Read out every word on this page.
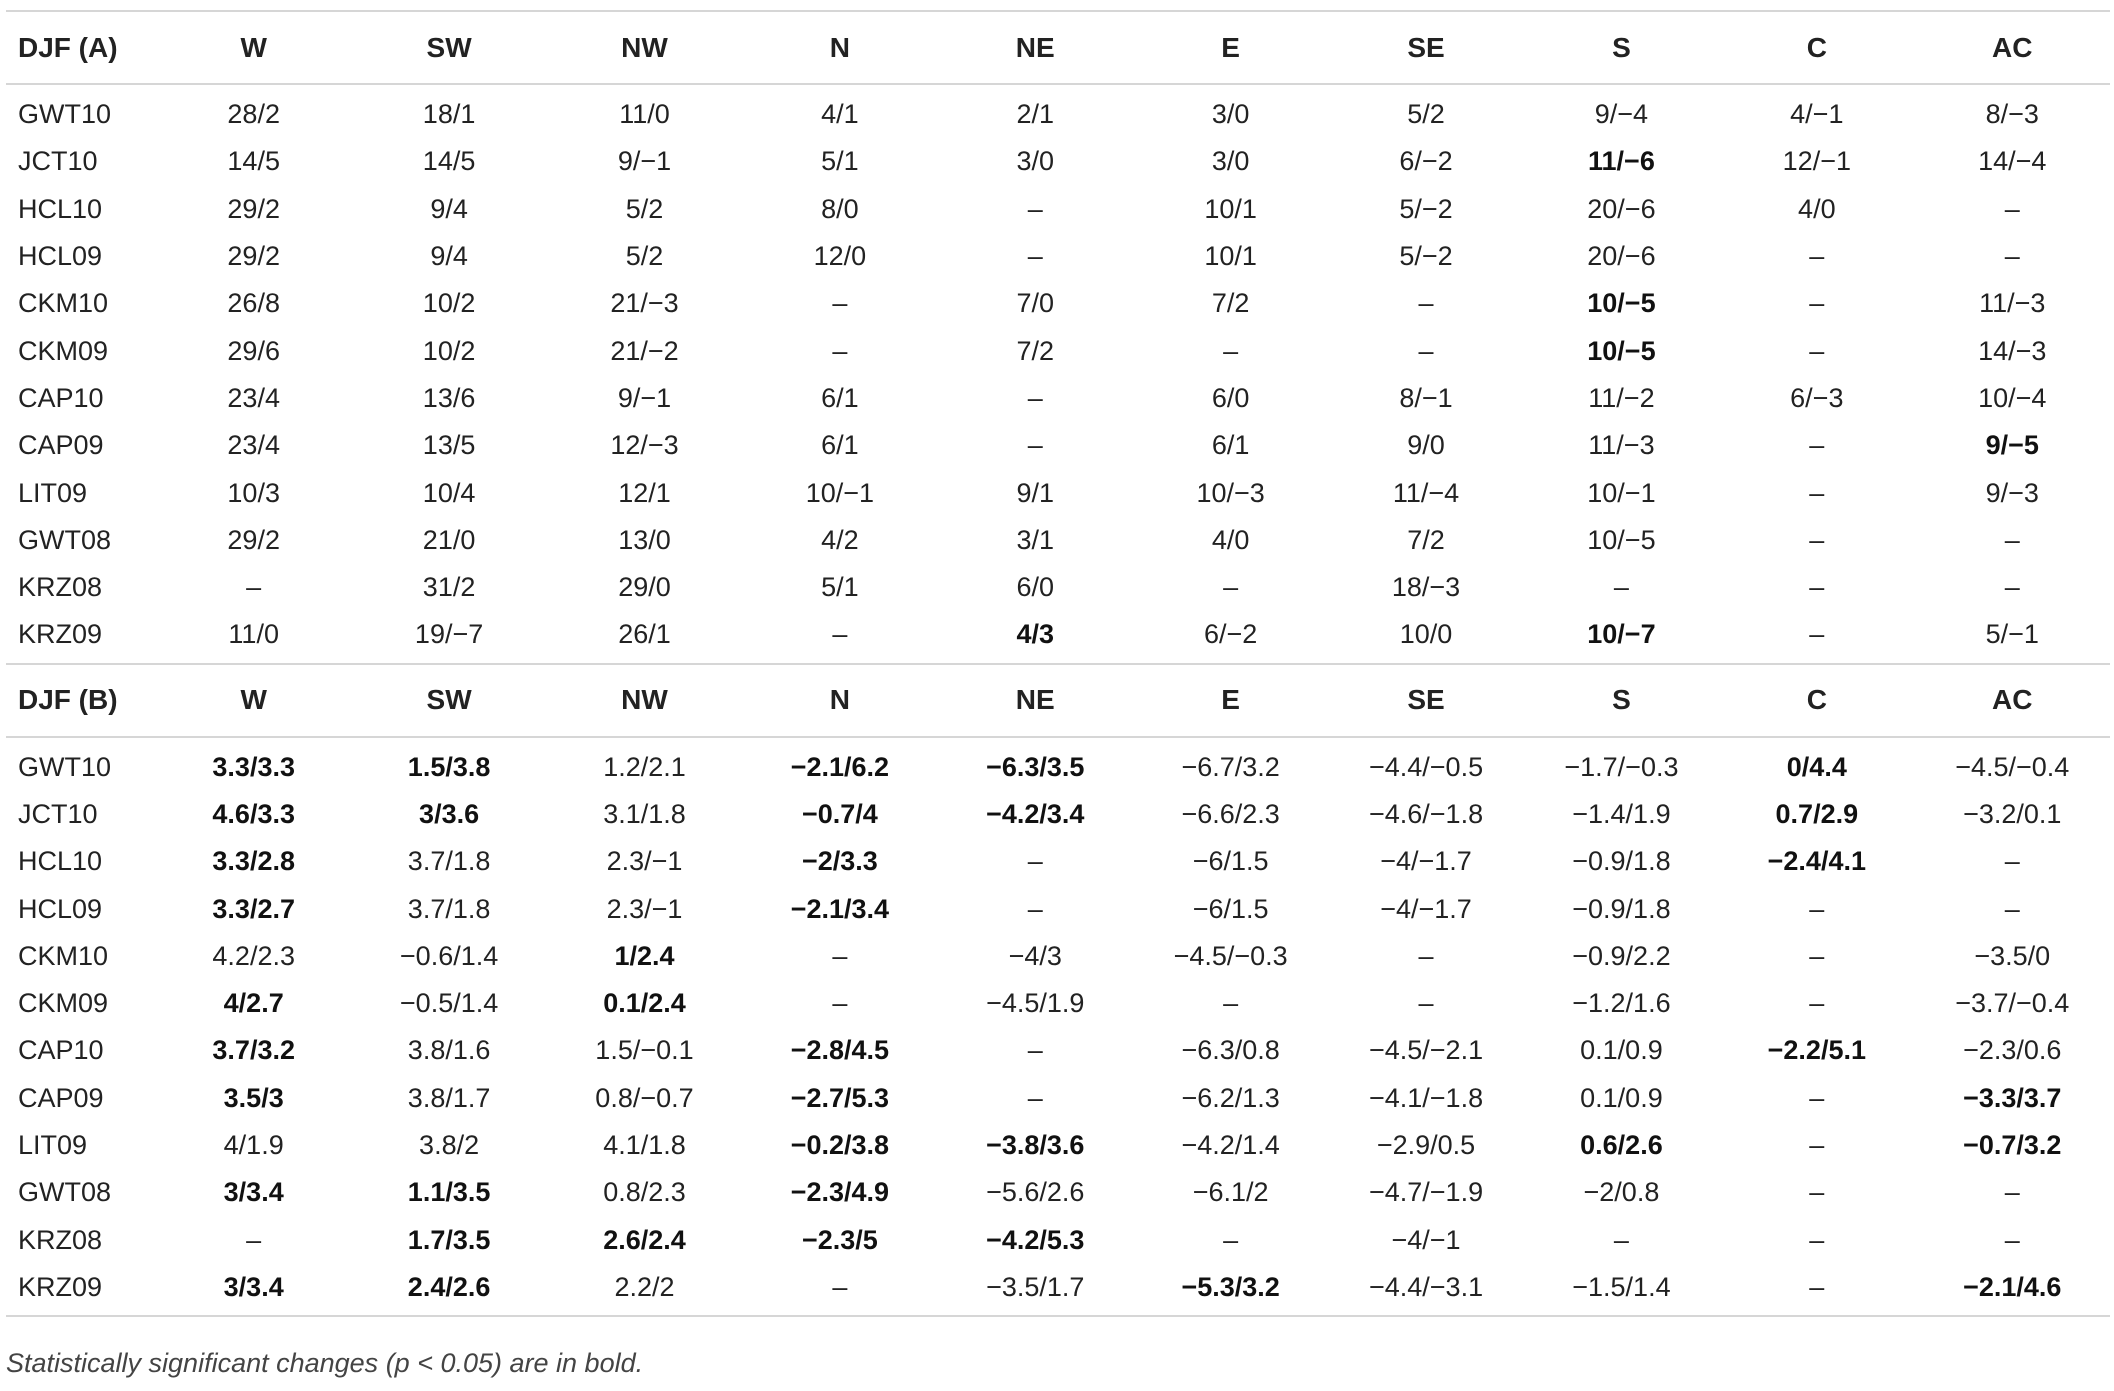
DJF (A)	W	SW	NW	N	NE	E	SE	S	C	AC
GWT10	28/2	18/1	11/0	4/1	2/1	3/0	5/2	9/−4	4/−1	8/−3
JCT10	14/5	14/5	9/−1	5/1	3/0	3/0	6/−2	11/−6	12/−1	14/−4
HCL10	29/2	9/4	5/2	8/0	–	10/1	5/−2	20/−6	4/0	–
HCL09	29/2	9/4	5/2	12/0	–	10/1	5/−2	20/−6	–	–
CKM10	26/8	10/2	21/−3	–	7/0	7/2	–	10/−5	–	11/−3
CKM09	29/6	10/2	21/−2	–	7/2	–	–	10/−5	–	14/−3
CAP10	23/4	13/6	9/−1	6/1	–	6/0	8/−1	11/−2	6/−3	10/−4
CAP09	23/4	13/5	12/−3	6/1	–	6/1	9/0	11/−3	–	9/−5
LIT09	10/3	10/4	12/1	10/−1	9/1	10/−3	11/−4	10/−1	–	9/−3
GWT08	29/2	21/0	13/0	4/2	3/1	4/0	7/2	10/−5	–	–
KRZ08	–	31/2	29/0	5/1	6/0	–	18/−3	–	–	–
KRZ09	11/0	19/−7	26/1	–	4/3	6/−2	10/0	10/−7	–	5/−1
DJF (B)	W	SW	NW	N	NE	E	SE	S	C	AC
GWT10	3.3/3.3	1.5/3.8	1.2/2.1	−2.1/6.2	−6.3/3.5	−6.7/3.2	−4.4/−0.5	−1.7/−0.3	0/4.4	−4.5/−0.4
JCT10	4.6/3.3	3/3.6	3.1/1.8	−0.7/4	−4.2/3.4	−6.6/2.3	−4.6/−1.8	−1.4/1.9	0.7/2.9	−3.2/0.1
HCL10	3.3/2.8	3.7/1.8	2.3/−1	−2/3.3	–	−6/1.5	−4/−1.7	−0.9/1.8	−2.4/4.1	–
HCL09	3.3/2.7	3.7/1.8	2.3/−1	−2.1/3.4	–	−6/1.5	−4/−1.7	−0.9/1.8	–	–
CKM10	4.2/2.3	−0.6/1.4	1/2.4	–	−4/3	−4.5/−0.3	–	−0.9/2.2	–	−3.5/0
CKM09	4/2.7	−0.5/1.4	0.1/2.4	–	−4.5/1.9	–	–	−1.2/1.6	–	−3.7/−0.4
CAP10	3.7/3.2	3.8/1.6	1.5/−0.1	−2.8/4.5	–	−6.3/0.8	−4.5/−2.1	0.1/0.9	−2.2/5.1	−2.3/0.6
CAP09	3.5/3	3.8/1.7	0.8/−0.7	−2.7/5.3	–	−6.2/1.3	−4.1/−1.8	0.1/0.9	–	−3.3/3.7
LIT09	4/1.9	3.8/2	4.1/1.8	−0.2/3.8	−3.8/3.6	−4.2/1.4	−2.9/0.5	0.6/2.6	–	−0.7/3.2
GWT08	3/3.4	1.1/3.5	0.8/2.3	−2.3/4.9	−5.6/2.6	−6.1/2	−4.7/−1.9	−2/0.8	–	–
KRZ08	–	1.7/3.5	2.6/2.4	−2.3/5	−4.2/5.3	–	−4/−1	–	–	–
KRZ09	3/3.4	2.4/2.6	2.2/2	–	−3.5/1.7	−5.3/3.2	−4.4/−3.1	−1.5/1.4	–	−2.1/4.6
Statistically significant changes (p < 0.05) are in bold.
